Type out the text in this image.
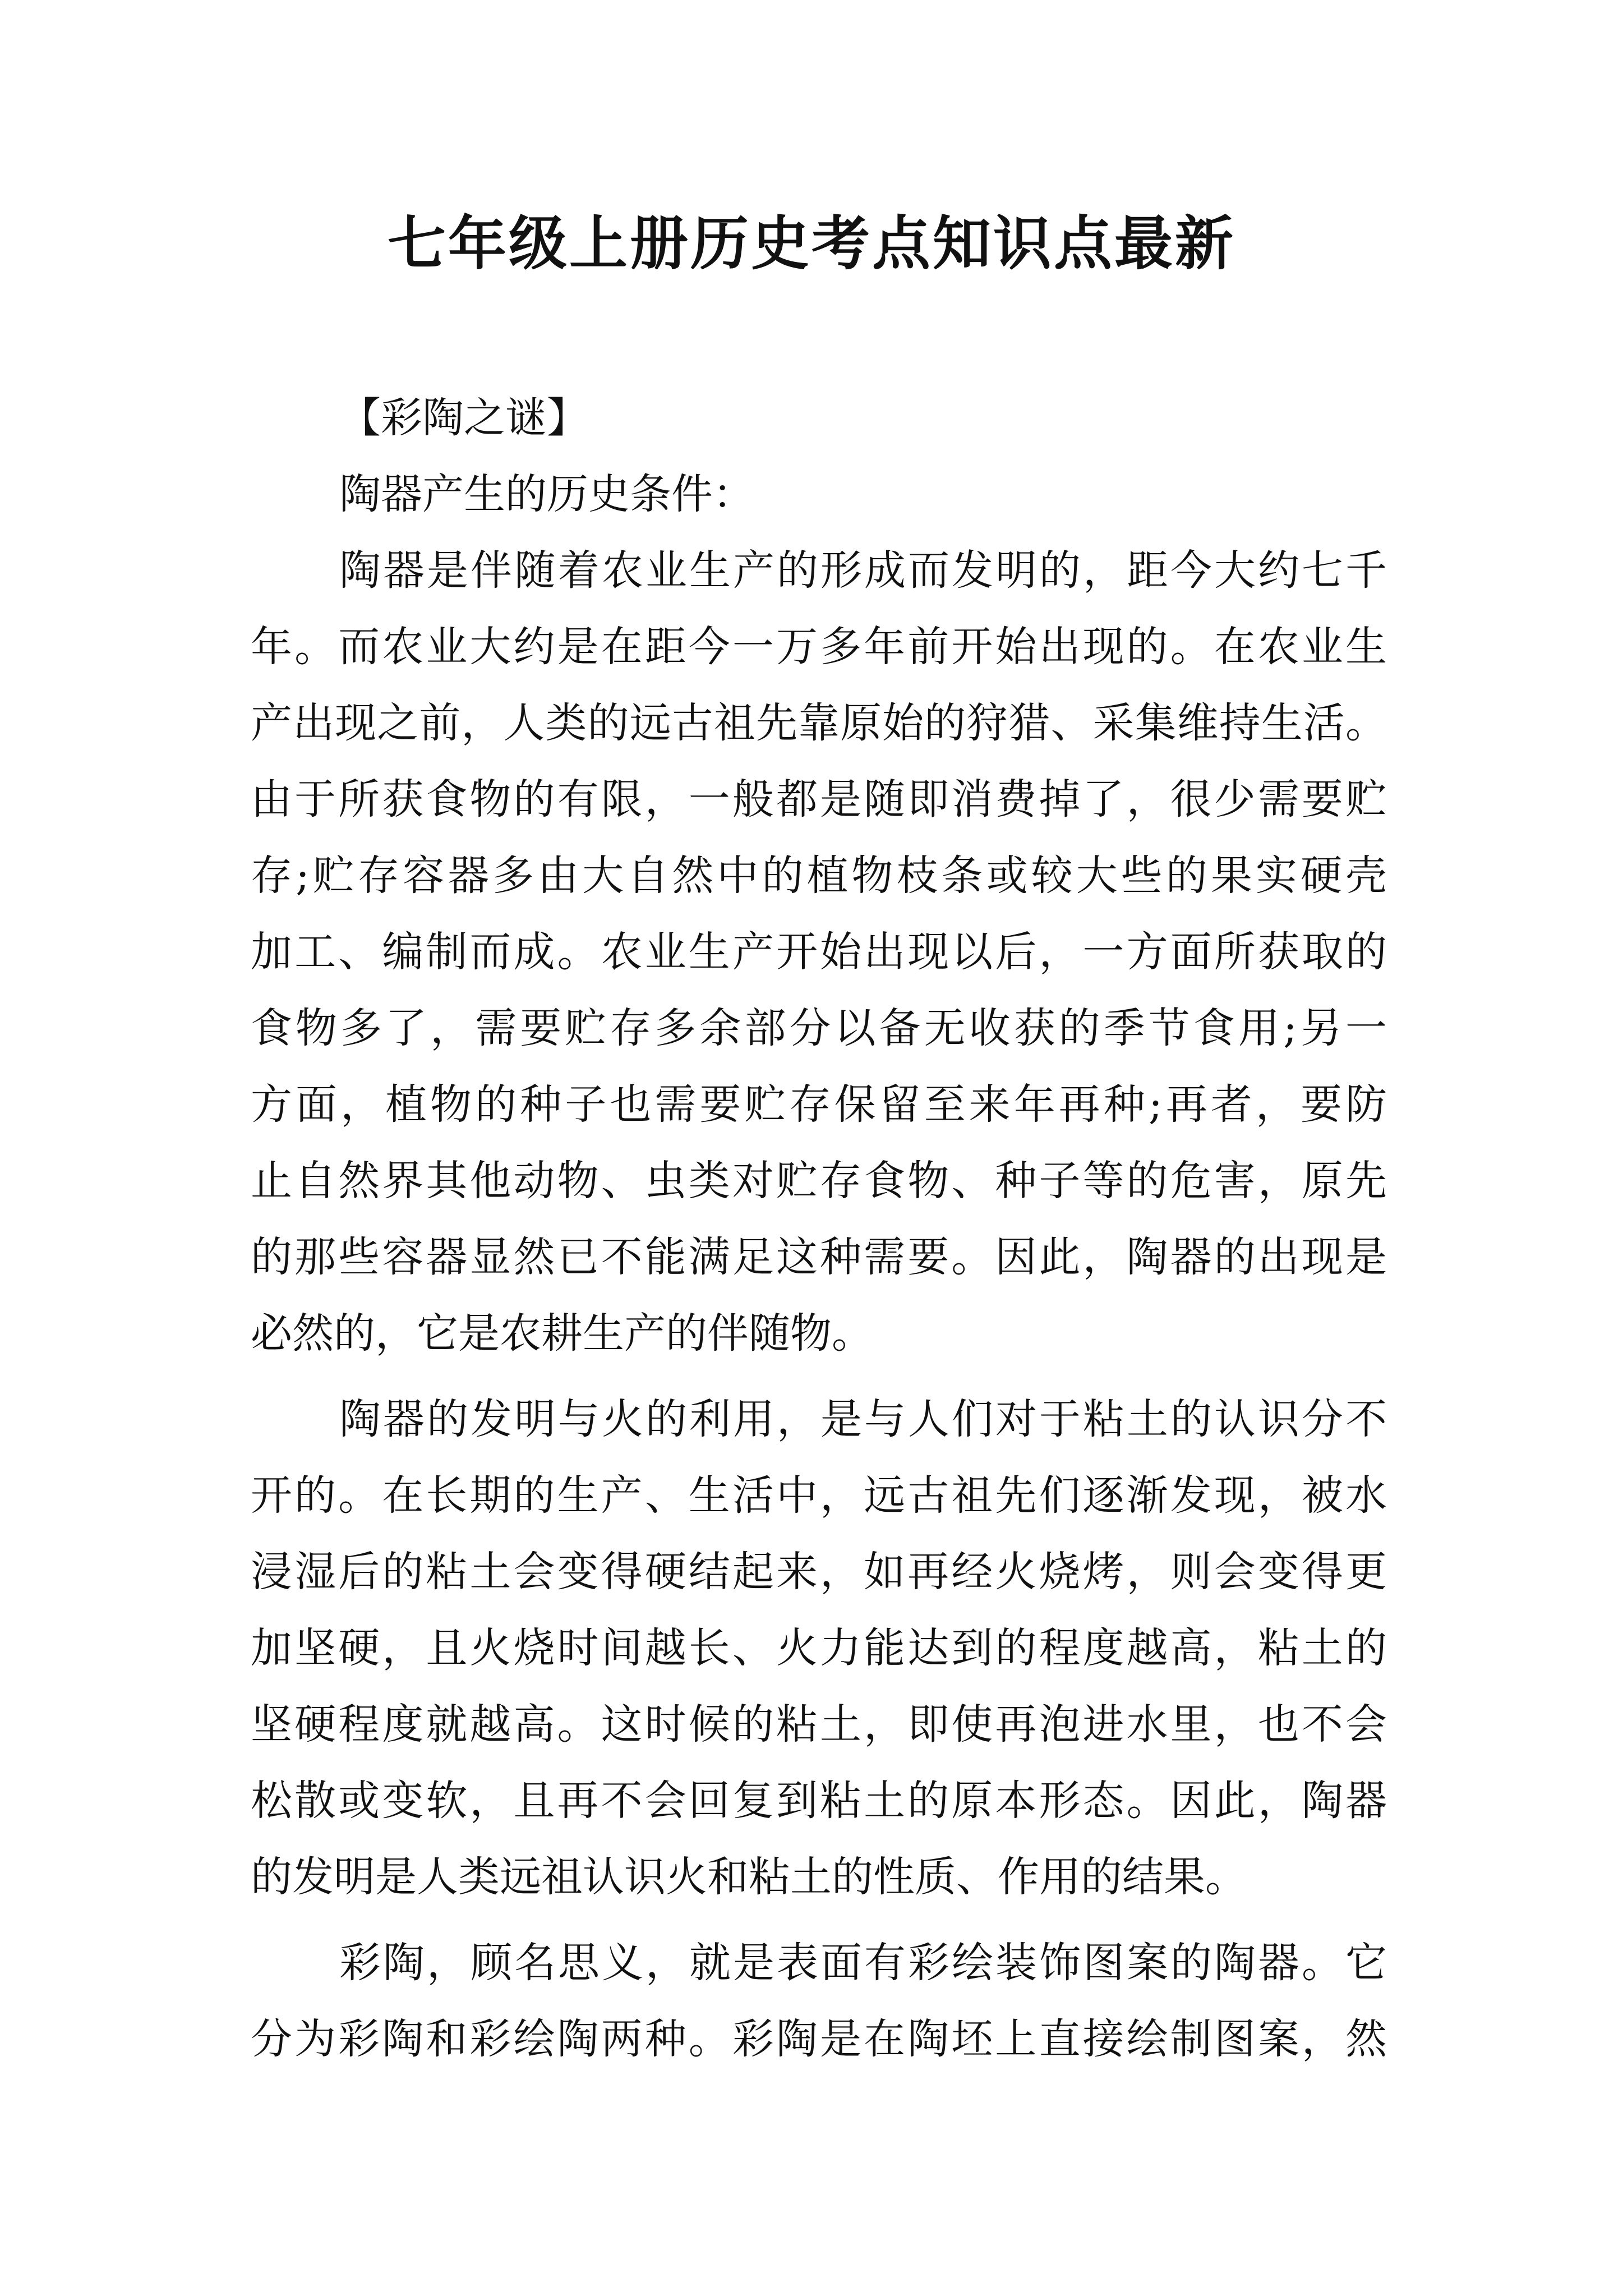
七年级上册历史考点知识点最新
【彩陶之谜】
陶器产生的历史条件：
陶器是伴随着农业生产的形成而发明的，距今大约七千
年。而农业大约是在距今一万多年前开始出现的。在农业生
产出现之前，人类的远古祖先靠原始的狩猎、采集维持生活。
由于所获食物的有限，一般都是随即消费掉了，很少需要贮
存;贮存容器多由大自然中的植物枝条或较大些的果实硬壳
加工、编制而成。农业生产开始出现以后，一方面所获取的
食物多了，需要贮存多余部分以备无收获的季节食用;另一
方面，植物的种子也需要贮存保留至来年再种;再者，要防
止自然界其他动物、虫类对贮存食物、种子等的危害，原先
的那些容器显然已不能满足这种需要。因此，陶器的出现是
必然的，它是农耕生产的伴随物。
陶器的发明与火的利用，是与人们对于粘土的认识分不
开的。在长期的生产、生活中，远古祖先们逐渐发现，被水
浸湿后的粘土会变得硬结起来，如再经火烧烤，则会变得更
加坚硬，且火烧时间越长、火力能达到的程度越高，粘土的
坚硬程度就越高。这时候的粘土，即使再泡进水里，也不会
松散或变软，且再不会回复到粘土的原本形态。因此，陶器
的发明是人类远祖认识火和粘土的性质、作用的结果。
彩陶，顾名思义，就是表面有彩绘装饰图案的陶器。它
分为彩陶和彩绘陶两种。彩陶是在陶坯上直接绘制图案，然
